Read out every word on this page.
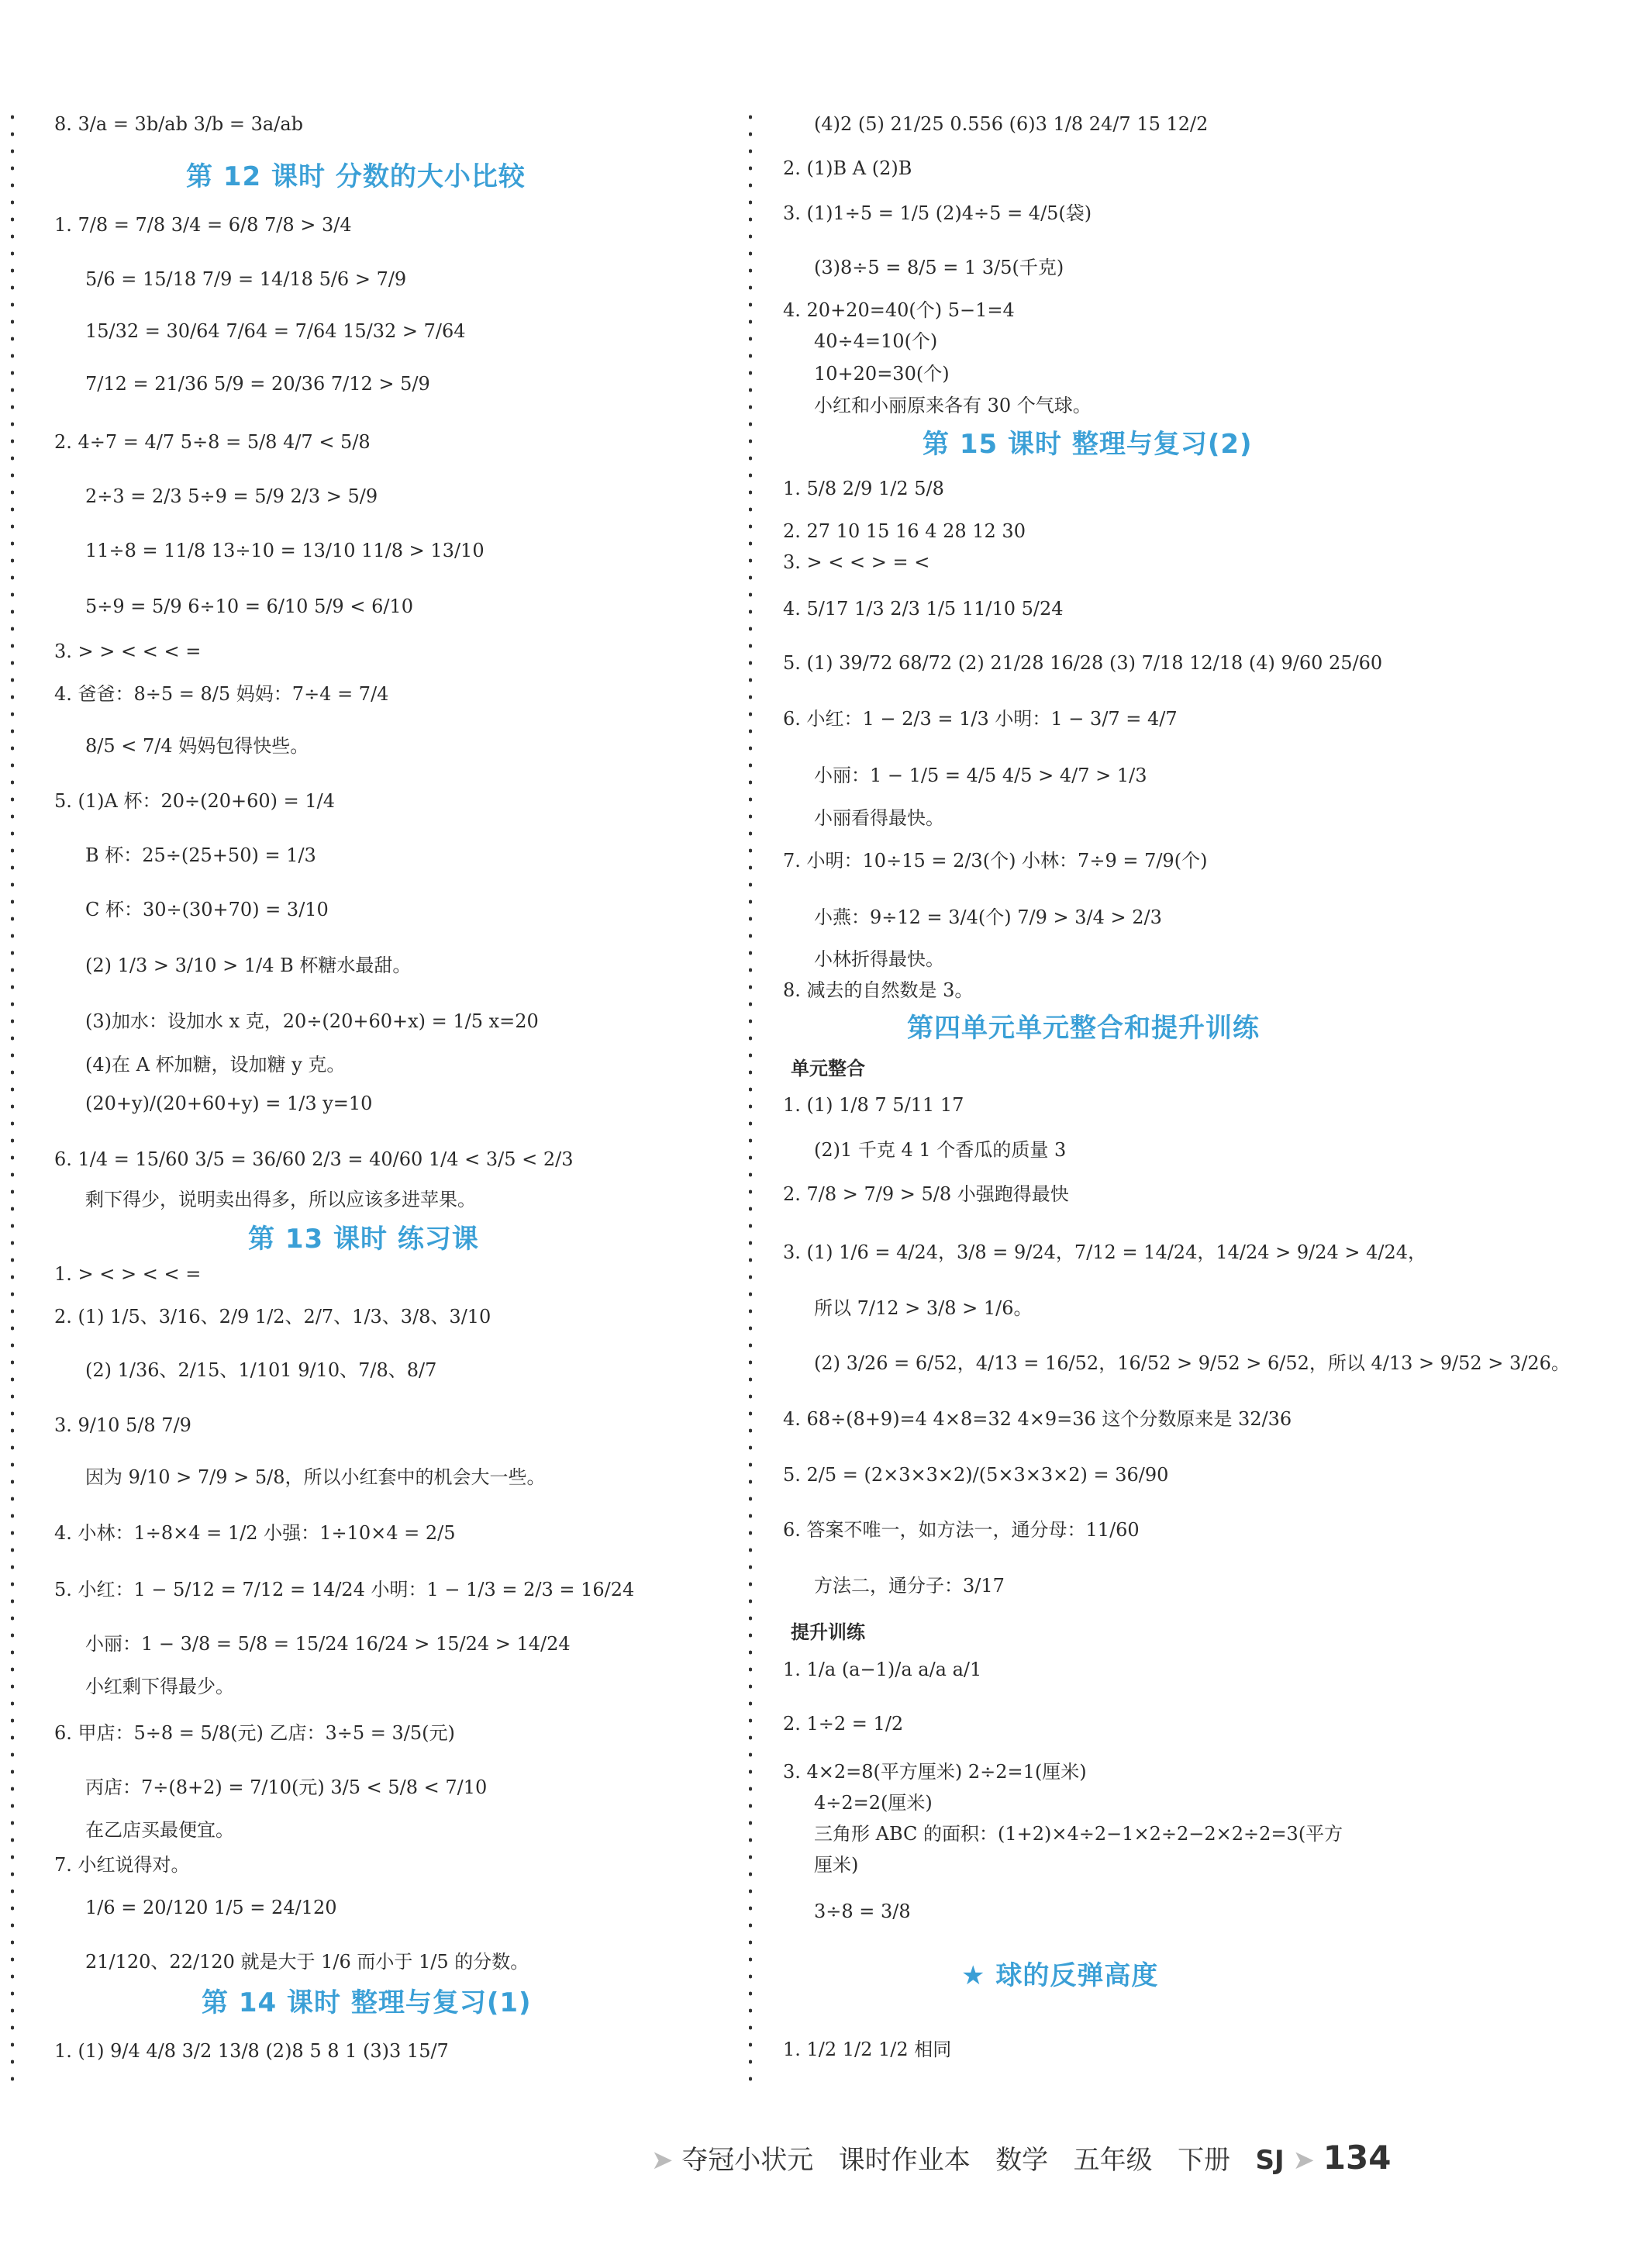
8. 3/a = 3b/ab 3/b = 3a/ab
第 12 课时 分数的大小比较
1. 7/8 = 7/8 3/4 = 6/8 7/8 > 3/4
5/6 = 15/18 7/9 = 14/18 5/6 > 7/9
15/32 = 30/64 7/64 = 7/64 15/32 > 7/64
7/12 = 21/36 5/9 = 20/36 7/12 > 5/9
2. 4÷7 = 4/7 5÷8 = 5/8 4/7 < 5/8
2÷3 = 2/3 5÷9 = 5/9 2/3 > 5/9
11÷8 = 11/8 13÷10 = 13/10 11/8 > 13/10
5÷9 = 5/9 6÷10 = 6/10 5/9 < 6/10
3. > > < < < =
4. 爸爸：8÷5 = 8/5 妈妈：7÷4 = 7/4
8/5 < 7/4 妈妈包得快些。
5. (1)A 杯：20÷(20+60) = 1/4
B 杯：25÷(25+50) = 1/3
C 杯：30÷(30+70) = 3/10
(2) 1/3 > 3/10 > 1/4 B 杯糖水最甜。
(3)加水：设加水 x 克，20÷(20+60+x) = 1/5 x=20
(4)在 A 杯加糖，设加糖 y 克。
(20+y)/(20+60+y) = 1/3 y=10
6. 1/4 = 15/60 3/5 = 36/60 2/3 = 40/60 1/4 < 3/5 < 2/3
剩下得少，说明卖出得多，所以应该多进苹果。
第 13 课时 练习课
1. > < > < < =
2. (1) 1/5、3/16、2/9 1/2、2/7、1/3、3/8、3/10
(2) 1/36、2/15、1/101 9/10、7/8、8/7
3. 9/10 5/8 7/9
因为 9/10 > 7/9 > 5/8，所以小红套中的机会大一些。
4. 小林：1÷8×4 = 1/2 小强：1÷10×4 = 2/5
5. 小红：1 − 5/12 = 7/12 = 14/24 小明：1 − 1/3 = 2/3 = 16/24
小丽：1 − 3/8 = 5/8 = 15/24 16/24 > 15/24 > 14/24
小红剩下得最少。
6. 甲店：5÷8 = 5/8(元) 乙店：3÷5 = 3/5(元)
丙店：7÷(8+2) = 7/10(元) 3/5 < 5/8 < 7/10
在乙店买最便宜。
7. 小红说得对。
1/6 = 20/120 1/5 = 24/120
21/120、22/120 就是大于 1/6 而小于 1/5 的分数。
第 14 课时 整理与复习(1)
1. (1) 9/4 4/8 3/2 13/8 (2)8 5 8 1 (3)3 15/7
(4)2 (5) 21/25 0.556 (6)3 1/8 24/7 15 12/2
2. (1)B A (2)B
3. (1)1÷5 = 1/5 (2)4÷5 = 4/5(袋)
(3)8÷5 = 8/5 = 1 3/5(千克)
4. 20+20=40(个) 5−1=4
40÷4=10(个)
10+20=30(个)
小红和小丽原来各有 30 个气球。
第 15 课时 整理与复习(2)
1. 5/8 2/9 1/2 5/8
2. 27 10 15 16 4 28 12 30
3. > < < > = <
4. 5/17 1/3 2/3 1/5 11/10 5/24
5. (1) 39/72 68/72 (2) 21/28 16/28 (3) 7/18 12/18 (4) 9/60 25/60
6. 小红：1 − 2/3 = 1/3 小明：1 − 3/7 = 4/7
小丽：1 − 1/5 = 4/5 4/5 > 4/7 > 1/3
小丽看得最快。
7. 小明：10÷15 = 2/3(个) 小林：7÷9 = 7/9(个)
小燕：9÷12 = 3/4(个) 7/9 > 3/4 > 2/3
小林折得最快。
8. 减去的自然数是 3。
第四单元单元整合和提升训练
单元整合
1. (1) 1/8 7 5/11 17
(2)1 千克 4 1 个香瓜的质量 3
2. 7/8 > 7/9 > 5/8 小强跑得最快
3. (1) 1/6 = 4/24，3/8 = 9/24，7/12 = 14/24，14/24 > 9/24 > 4/24，
所以 7/12 > 3/8 > 1/6。
(2) 3/26 = 6/52，4/13 = 16/52，16/52 > 9/52 > 6/52，所以 4/13 > 9/52 > 3/26。
4. 68÷(8+9)=4 4×8=32 4×9=36 这个分数原来是 32/36
5. 2/5 = (2×3×3×2)/(5×3×3×2) = 36/90
6. 答案不唯一，如方法一，通分母：11/60
方法二，通分子：3/17
提升训练
1. 1/a (a−1)/a a/a a/1
2. 1÷2 = 1/2
3. 4×2=8(平方厘米) 2÷2=1(厘米)
4÷2=2(厘米)
三角形 ABC 的面积：(1+2)×4÷2−1×2÷2−2×2÷2=3(平方
厘米)
3÷8 = 3/8
★ 球的反弹高度
1. 1/2 1/2 1/2 相同
➤ 夺冠小状元 课时作业本 数学 五年级 下册 SJ ➤ 134
